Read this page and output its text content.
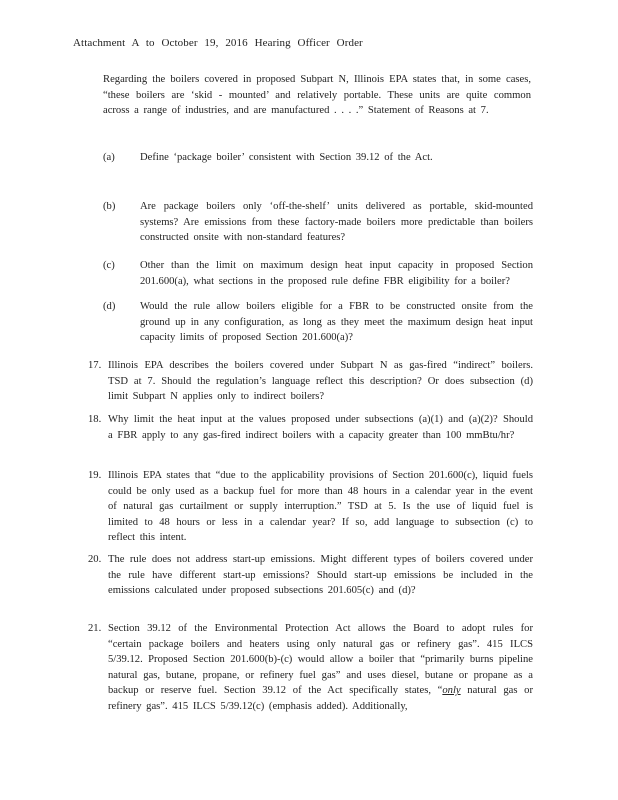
Attachment A to October 19, 2016 Hearing Officer Order
Regarding the boilers covered in proposed Subpart N, Illinois EPA states that, in some cases, “these boilers are ‘skid - mounted’ and relatively portable. These units are quite common across a range of industries, and are manufactured . . . .” Statement of Reasons at 7.
(a) Define ‘package boiler’ consistent with Section 39.12 of the Act.
(b) Are package boilers only ‘off-the-shelf’ units delivered as portable, skid-mounted systems? Are emissions from these factory-made boilers more predictable than boilers constructed onsite with non-standard features?
(c) Other than the limit on maximum design heat input capacity in proposed Section 201.600(a), what sections in the proposed rule define FBR eligibility for a boiler?
(d) Would the rule allow boilers eligible for a FBR to be constructed onsite from the ground up in any configuration, as long as they meet the maximum design heat input capacity limits of proposed Section 201.600(a)?
17. Illinois EPA describes the boilers covered under Subpart N as gas-fired “indirect” boilers. TSD at 7. Should the regulation’s language reflect this description? Or does subsection (d) limit Subpart N applies only to indirect boilers?
18. Why limit the heat input at the values proposed under subsections (a)(1) and (a)(2)? Should a FBR apply to any gas-fired indirect boilers with a capacity greater than 100 mmBtu/hr?
19. Illinois EPA states that “due to the applicability provisions of Section 201.600(c), liquid fuels could be only used as a backup fuel for more than 48 hours in a calendar year in the event of natural gas curtailment or supply interruption.” TSD at 5. Is the use of liquid fuel is limited to 48 hours or less in a calendar year? If so, add language to subsection (c) to reflect this intent.
20. The rule does not address start-up emissions. Might different types of boilers covered under the rule have different start-up emissions? Should start-up emissions be included in the emissions calculated under proposed subsections 201.605(c) and (d)?
21. Section 39.12 of the Environmental Protection Act allows the Board to adopt rules for “certain package boilers and heaters using only natural gas or refinery gas”. 415 ILCS 5/39.12. Proposed Section 201.600(b)-(c) would allow a boiler that “primarily burns pipeline natural gas, butane, propane, or refinery fuel gas” and uses diesel, butane or propane as a backup or reserve fuel. Section 39.12 of the Act specifically states, “only natural gas or refinery gas”. 415 ILCS 5/39.12(c) (emphasis added). Additionally,
